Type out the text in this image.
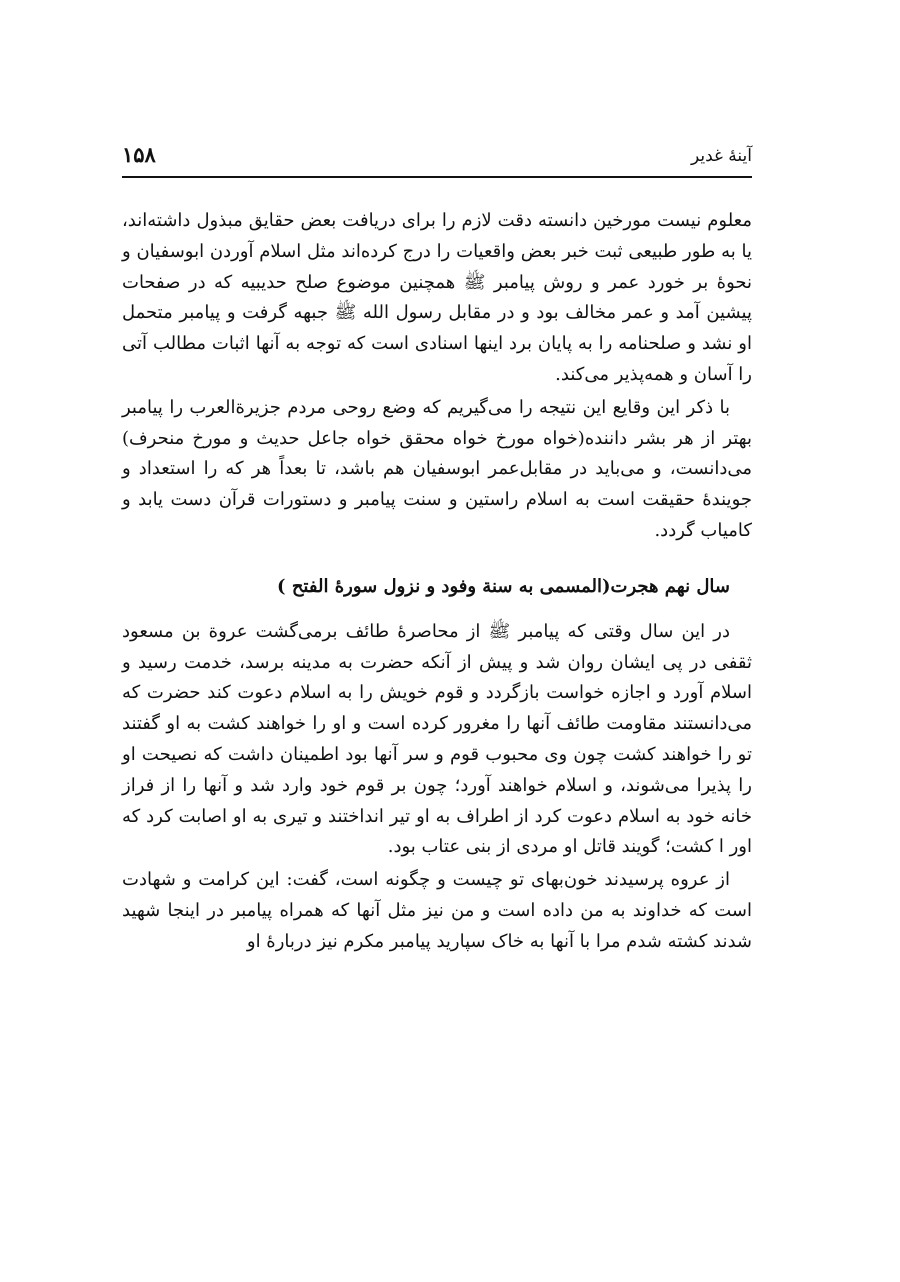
آینهٔ غدیر
۱۵۸

معلوم نیست مورخین دانسته دقت لازم را برای دریافت بعض حقایق مبذول داشته‌اند، یا به طور طبیعی ثبت خبر بعض واقعیات را درج کرده‌اند مثل اسلام آوردن ابوسفیان و نحوهٔ بر خورد عمر و روش پیامبر ﷺ همچنین موضوع صلح حدیبیه که در صفحات پیشین آمد و عمر مخالف بود و در مقابل رسول الله ﷺ جبهه گرفت و پیامبر متحمل او نشد و صلحنامه را به پایان برد اینها اسنادی است که توجه به آنها اثبات مطالب آتی را آسان و همه‌پذیر می‌کند.

با ذکر این وقایع این نتیجه را می‌گیریم که وضع روحی مردم جزیرةالعرب را پیامبر بهتر از هر بشر دانند‌ه(خواه مورخ خواه محقق خواه جاعل حدیث و مورخ منحرف) می‌دانست، و می‌باید در مقابل‌عمر ابوسفیان هم باشد، تا بعداً هر که را استعداد و جویندهٔ حقیقت است به اسلام راستین و سنت پیامبر و دستورات قرآن دست یابد و کامیاب گردد.

سال نهم هجرت(المسمی به سنة وفود و نزول سورهٔ الفتح )

در این سال وقتی که پیامبر ﷺ از محاصرهٔ طائف برمی‌گشت عروة بن مسعود ثقفی در پی ایشان روان شد و پیش از آنکه حضرت به مدینه برسد، خدمت رسید و اسلام آورد و اجازه خواست بازگردد و قوم خویش را به اسلام دعوت کند حضرت که می‌دانستند مقاومت طائف آنها را مغرور کرده است و او را خواهند کشت به او گفتند تو را خواهند کشت چون وی محبوب قوم و سر آنها بود اطمینان داشت که نصیحت او را پذیرا می‌شوند، و اسلام خواهند آورد؛ چون بر قوم خود وارد شد و آنها را از فراز خانه خود به اسلام دعوت کرد از اطراف به او تیر انداختند و تیری به او اصابت کرد که اور ا کشت؛ گویند قاتل او مردی از بنی عتاب بود.

از عروه پرسیدند خون‌بهای تو چیست و چگونه است، گفت: این کرامت و شهادت است که خداوند به من داده است و من نیز مثل آنها که همراه پیامبر در اینجا شهید شدند کشته شدم مرا با آنها به خاک سپارید پیامبر مکرم نیز دربارهٔ او
